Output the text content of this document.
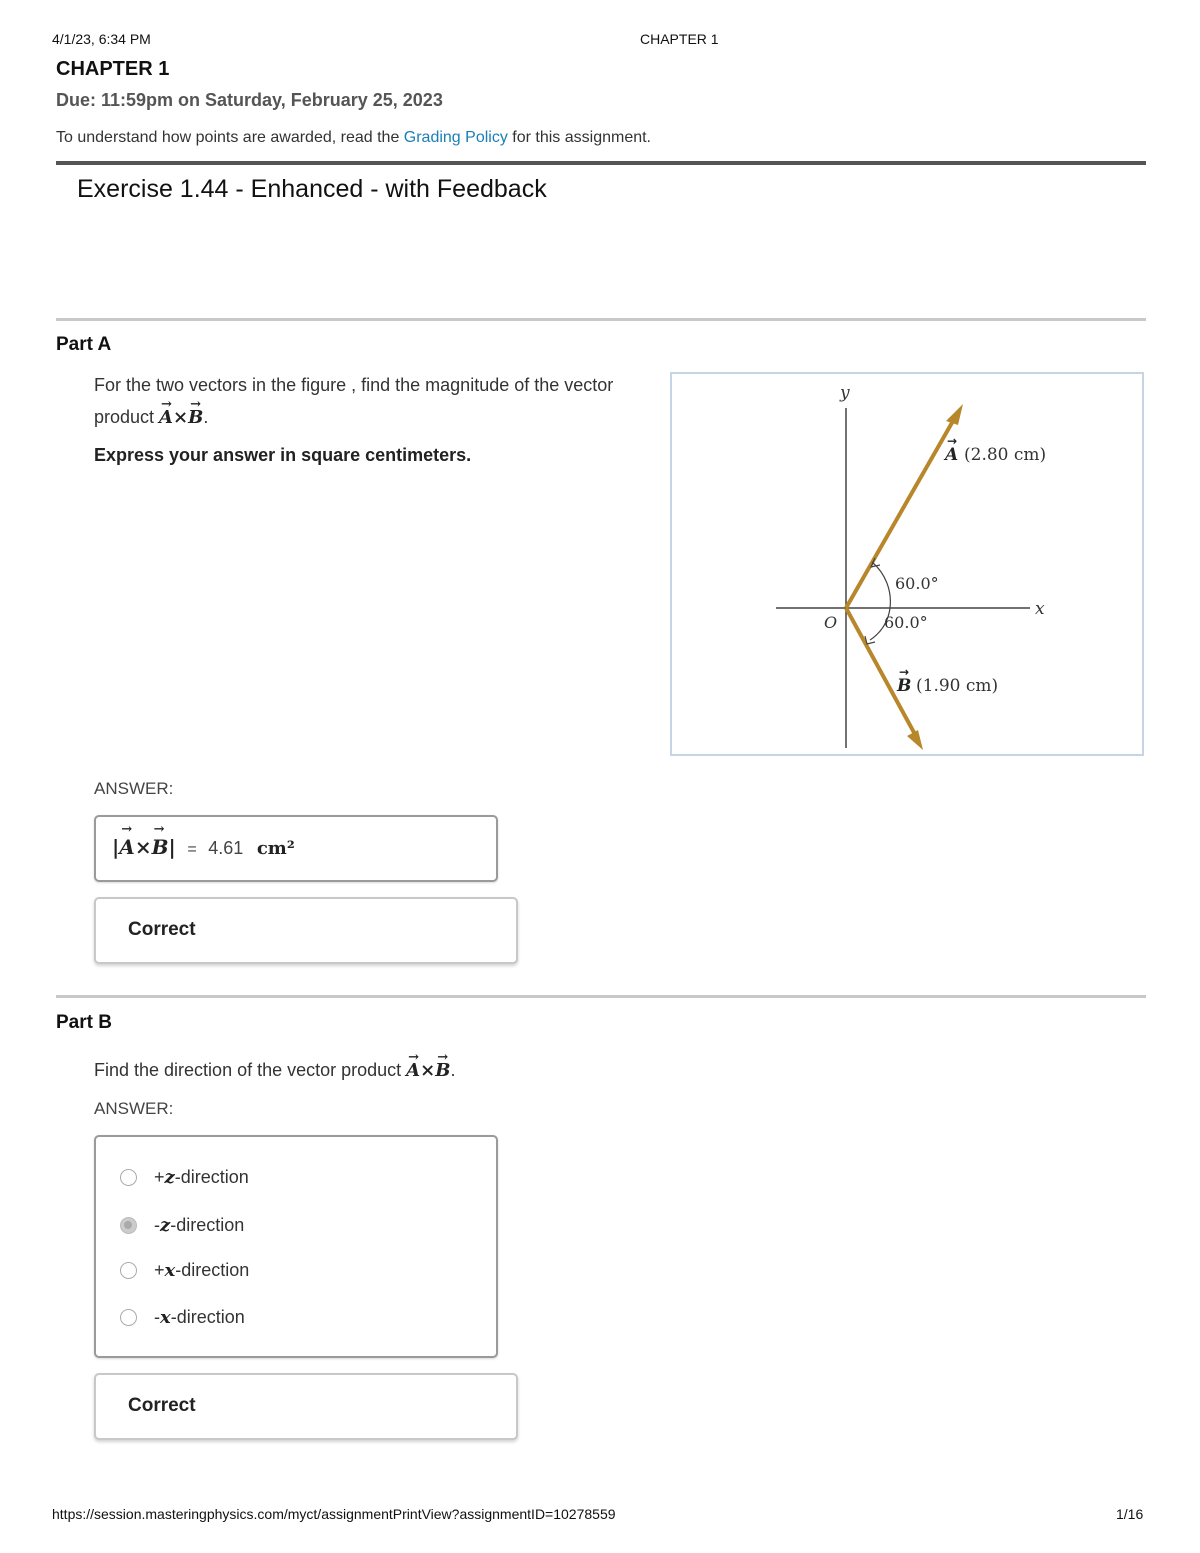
4/1/23, 6:34 PM	CHAPTER 1
CHAPTER 1
Due: 11:59pm on Saturday, February 25, 2023
To understand how points are awarded, read the Grading Policy for this assignment.
Exercise 1.44 - Enhanced - with Feedback
Part A
For the two vectors in the figure , find the magnitude of the vector
product → A×→ B.
Express your answer in square centimeters.
y
x
O
A
→
(2.80 cm)
60.0°
60.0°
B
→
(1.90 cm)
ANSWER:
|→ A×→ B| = 4.61 cm²
Correct
Part B
Find the direction of the vector product → A×→ B.
ANSWER:
+z-direction
-z-direction
+x-direction
-x-direction
Correct
https://session.masteringphysics.com/myct/assignmentPrintView?assignmentID=10278559	1/16
